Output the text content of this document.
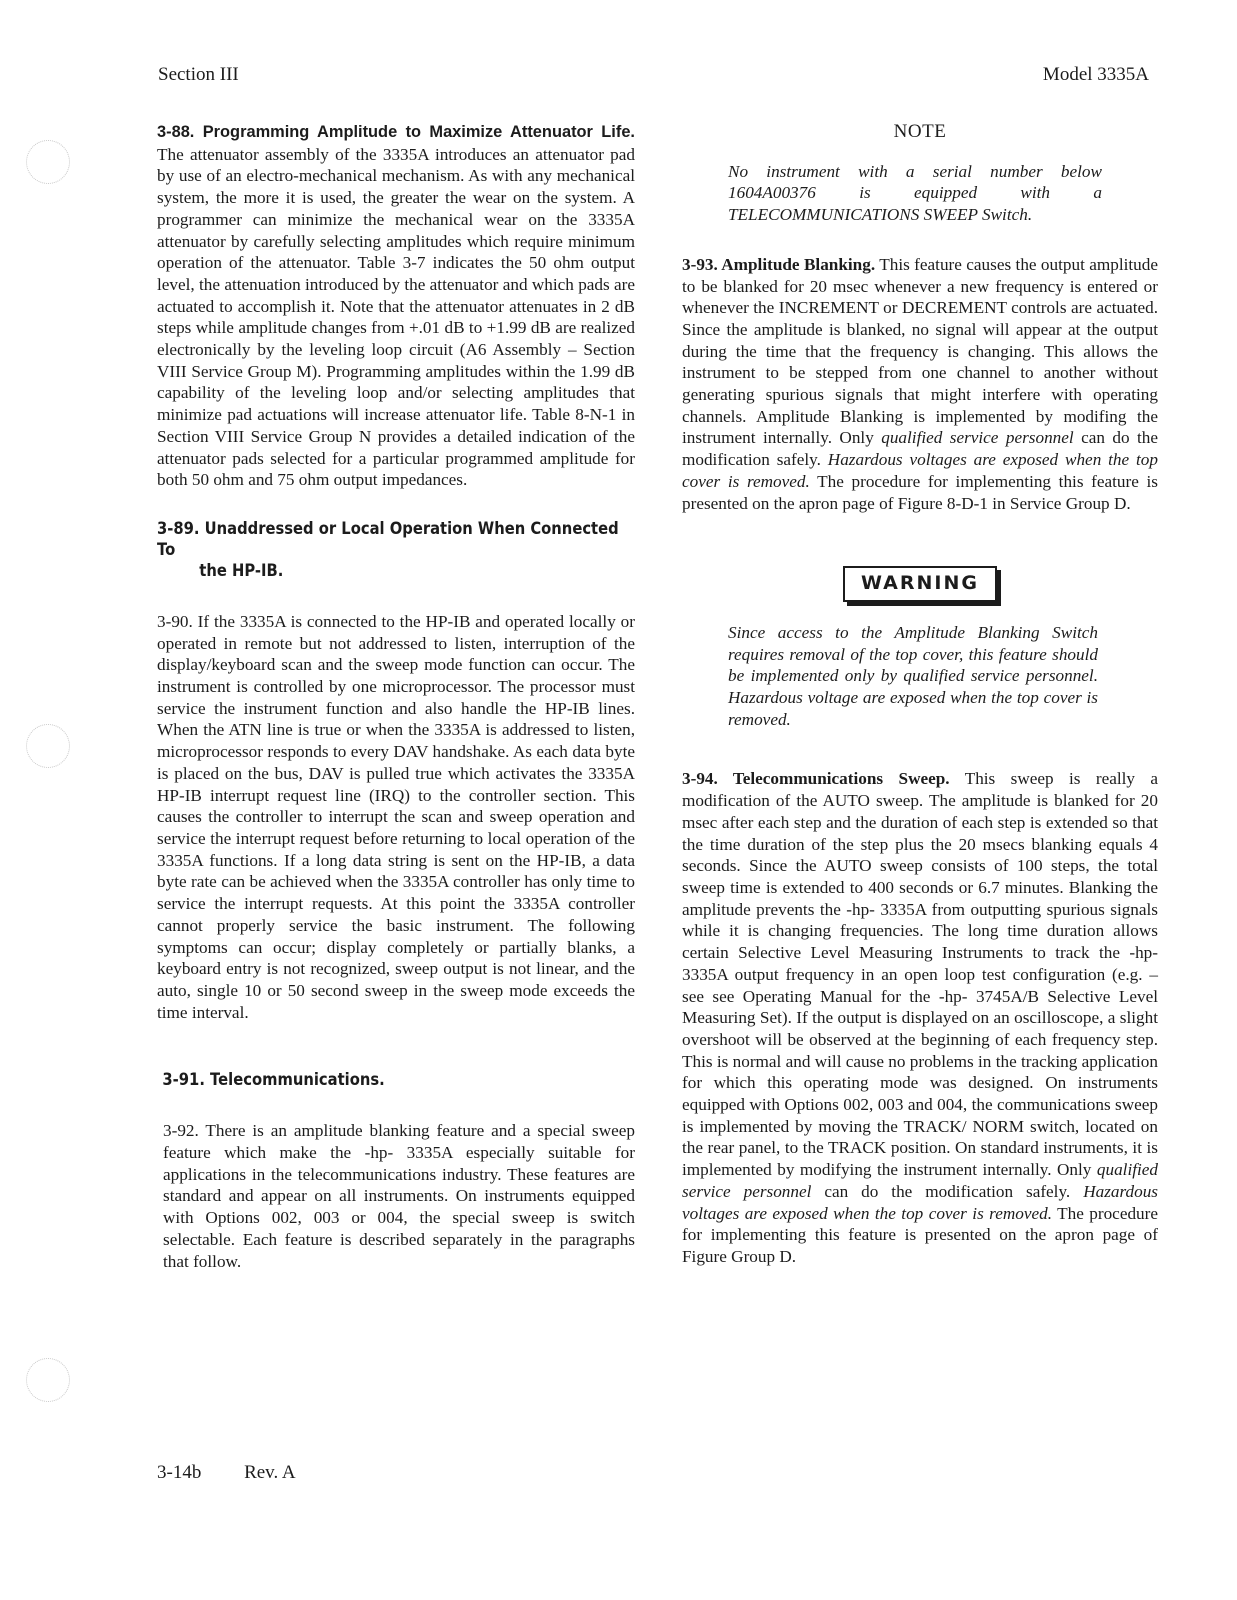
Section III	Model 3335A

3-88. Programming Amplitude to Maximize Attenuator Life. The attenuator assembly of the 3335A introduces an attenuator pad by use of an electro-mechanical mechanism. As with any mechanical system, the more it is used, the greater the wear on the system. A programmer can minimize the mechanical wear on the 3335A attenuator by carefully selecting amplitudes which require minimum operation of the attenuator. Table 3-7 indicates the 50 ohm output level, the attenuation introduced by the attenuator and which pads are actuated to accomplish it. Note that the attenuator attenuates in 2 dB steps while amplitude changes from +.01 dB to +1.99 dB are realized electronically by the leveling loop circuit (A6 Assembly – Section VIII Service Group M). Programming amplitudes within the 1.99 dB capability of the leveling loop and/or selecting amplitudes that minimize pad actuations will increase attenuator life. Table 8-N-1 in Section VIII Service Group N provides a detailed indication of the attenuator pads selected for a particular programmed amplitude for both 50 ohm and 75 ohm output impedances.

3-89. Unaddressed or Local Operation When Connected To
the HP-IB.

3-90. If the 3335A is connected to the HP-IB and operated locally or operated in remote but not addressed to listen, interruption of the display/keyboard scan and the sweep mode function can occur. The instrument is controlled by one microprocessor. The processor must service the instrument function and also handle the HP-IB lines. When the ATN line is true or when the 3335A is addressed to listen, microprocessor responds to every DAV handshake. As each data byte is placed on the bus, DAV is pulled true which activates the 3335A HP-IB interrupt request line (IRQ) to the controller section. This causes the controller to interrupt the scan and sweep operation and service the interrupt request before returning to local operation of the 3335A functions. If a long data string is sent on the HP-IB, a data byte rate can be achieved when the 3335A controller has only time to service the interrupt requests. At this point the 3335A controller cannot properly service the basic instrument. The following symptoms can occur; display completely or partially blanks, a keyboard entry is not recognized, sweep output is not linear, and the auto, single 10 or 50 second sweep in the sweep mode exceeds the time interval.

3-91. Telecommunications.

3-92. There is an amplitude blanking feature and a special sweep feature which make the -hp- 3335A especially suitable for applications in the telecommunications industry. These features are standard and appear on all instruments. On instruments equipped with Options 002, 003 or 004, the special sweep is switch selectable. Each feature is described separately in the paragraphs that follow.

NOTE

No instrument with a serial number below 1604A00376 is equipped with a TELECOMMUNICATIONS SWEEP Switch.

3-93. Amplitude Blanking. This feature causes the output amplitude to be blanked for 20 msec whenever a new frequency is entered or whenever the INCREMENT or DECREMENT controls are actuated. Since the amplitude is blanked, no signal will appear at the output during the time that the frequency is changing. This allows the instrument to be stepped from one channel to another without generating spurious signals that might interfere with operating channels. Amplitude Blanking is implemented by modifing the instrument internally. Only qualified service personnel can do the modification safely. Hazardous voltages are exposed when the top cover is removed. The procedure for implementing this feature is presented on the apron page of Figure 8-D-1 in Service Group D.

WARNING

Since access to the Amplitude Blanking Switch requires removal of the top cover, this feature should be implemented only by qualified service personnel. Hazardous voltage are exposed when the top cover is removed.

3-94. Telecommunications Sweep. This sweep is really a modification of the AUTO sweep. The amplitude is blanked for 20 msec after each step and the duration of each step is extended so that the time duration of the step plus the 20 msecs blanking equals 4 seconds. Since the AUTO sweep consists of 100 steps, the total sweep time is extended to 400 seconds or 6.7 minutes. Blanking the amplitude prevents the -hp- 3335A from outputting spurious signals while it is changing frequencies. The long time duration allows certain Selective Level Measuring Instruments to track the -hp- 3335A output frequency in an open loop test configuration (e.g. – see see Operating Manual for the -hp- 3745A/B Selective Level Measuring Set). If the output is displayed on an oscilloscope, a slight overshoot will be observed at the beginning of each frequency step. This is normal and will cause no problems in the tracking application for which this operating mode was designed. On instruments equipped with Options 002, 003 and 004, the communications sweep is implemented by moving the TRACK/ NORM switch, located on the rear panel, to the TRACK position. On standard instruments, it is implemented by modifying the instrument internally. Only qualified service personnel can do the modification safely. Hazardous voltages are exposed when the top cover is removed. The procedure for implementing this feature is presented on the apron page of Figure Group D.

3-14b Rev. A
